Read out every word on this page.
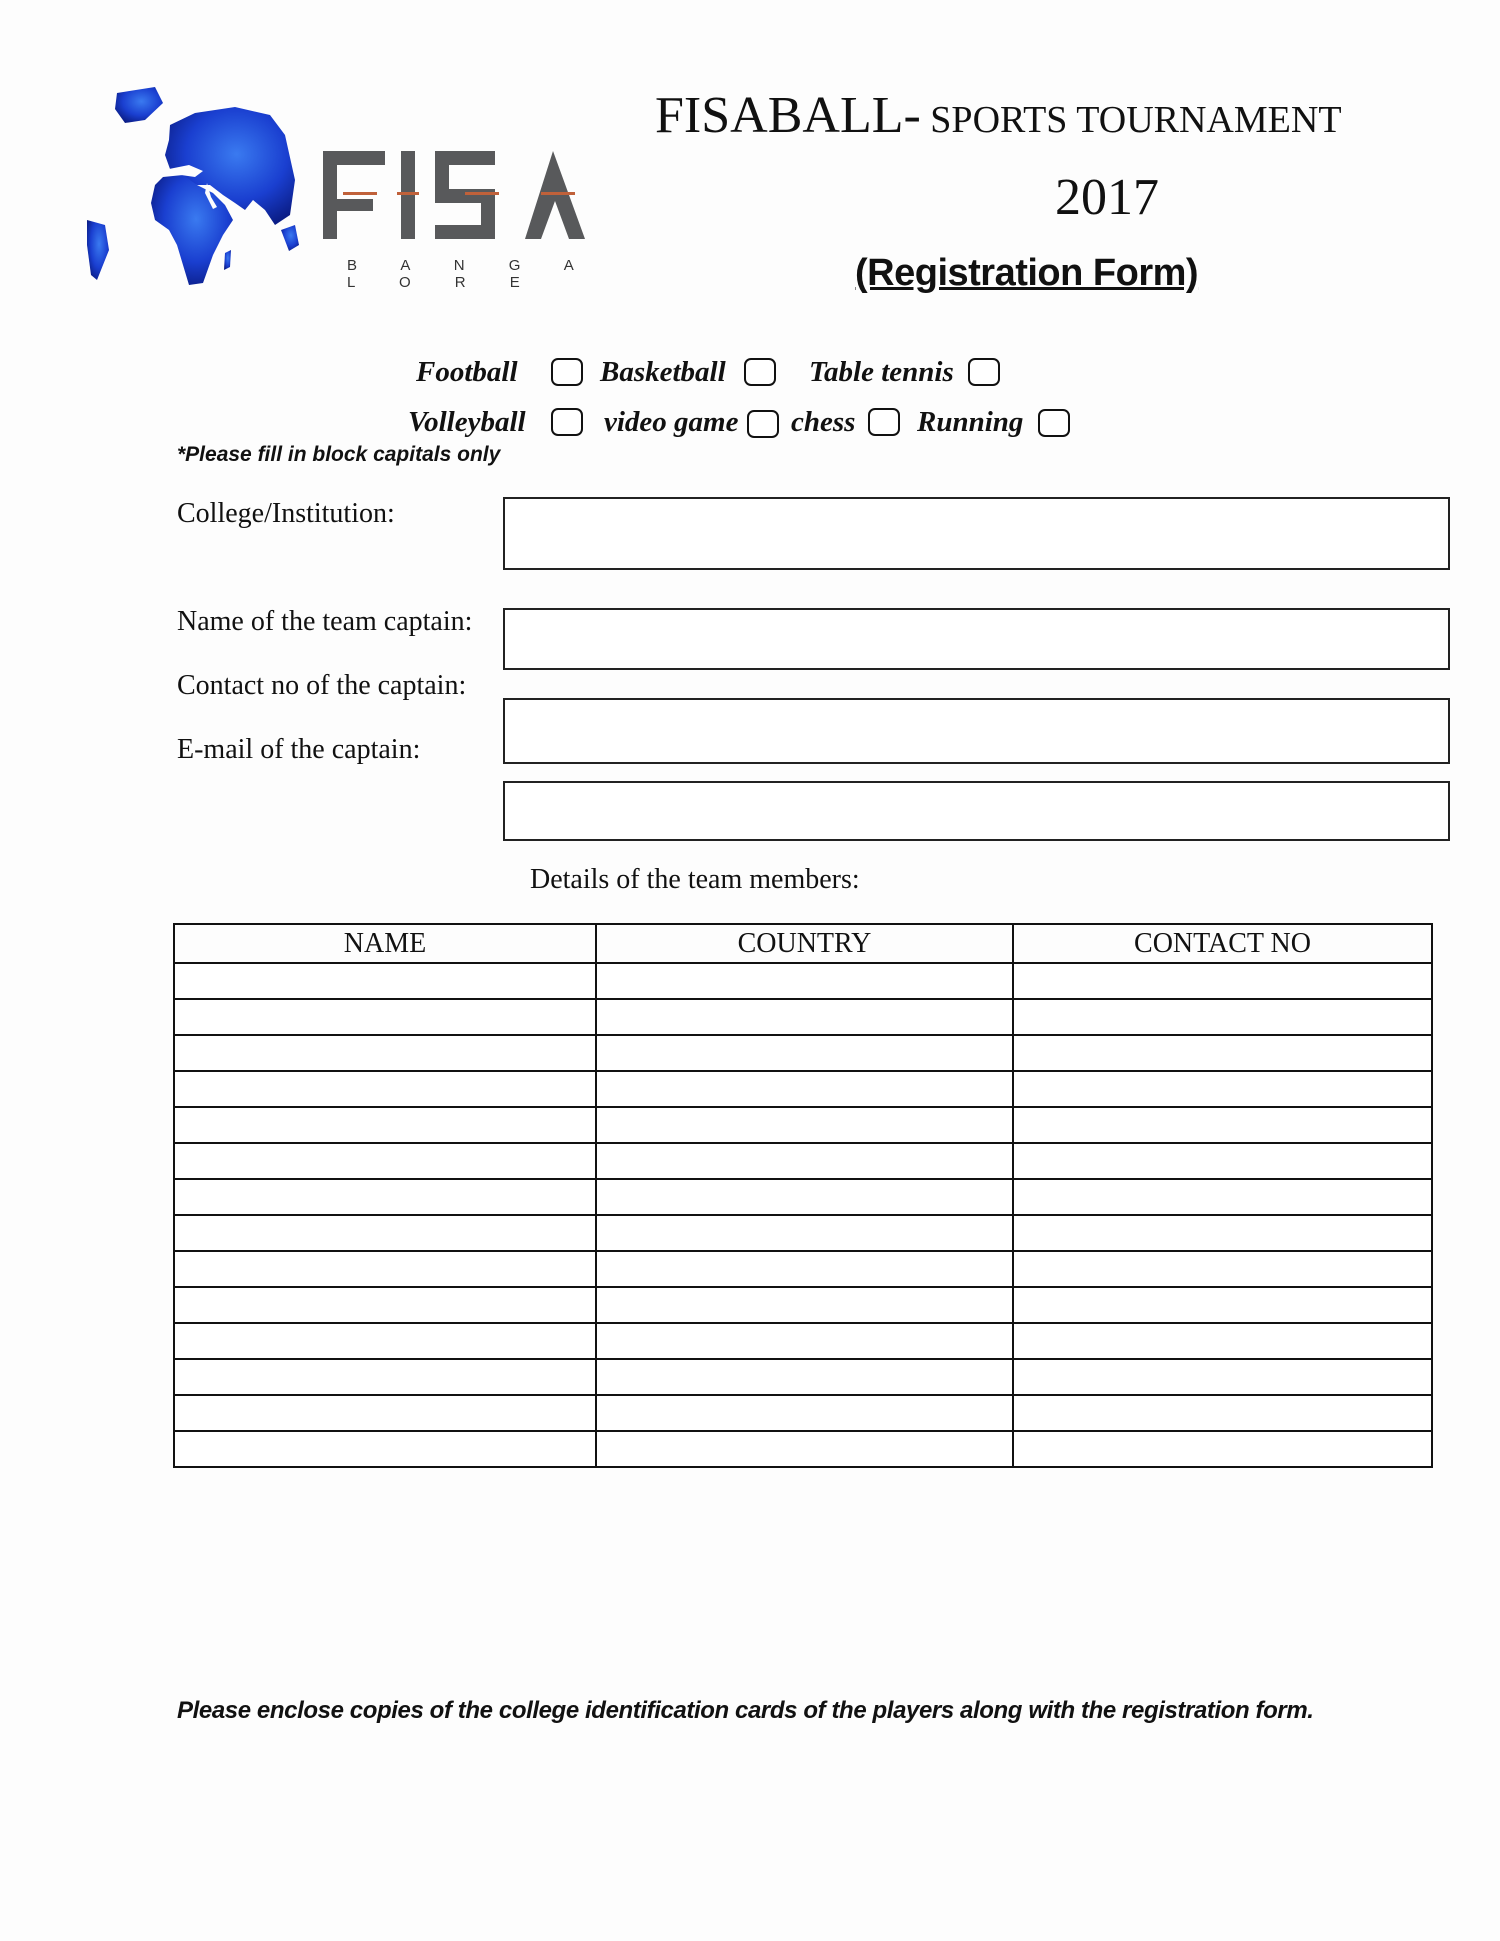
B A N G A L O R E
FISABALL- SPORTS TOURNAMENT
2017
(Registration Form)
Football	Basketball	Table tennis
Volleyball	video game chess Running
*Please fill in block capitals only
College/Institution:
Name of the team captain:
Contact no of the captain:
E-mail of the captain:
Details of the team members:
NAME	COUNTRY	CONTACT NO

Please enclose copies of the college identification cards of the players along with the registration form.
